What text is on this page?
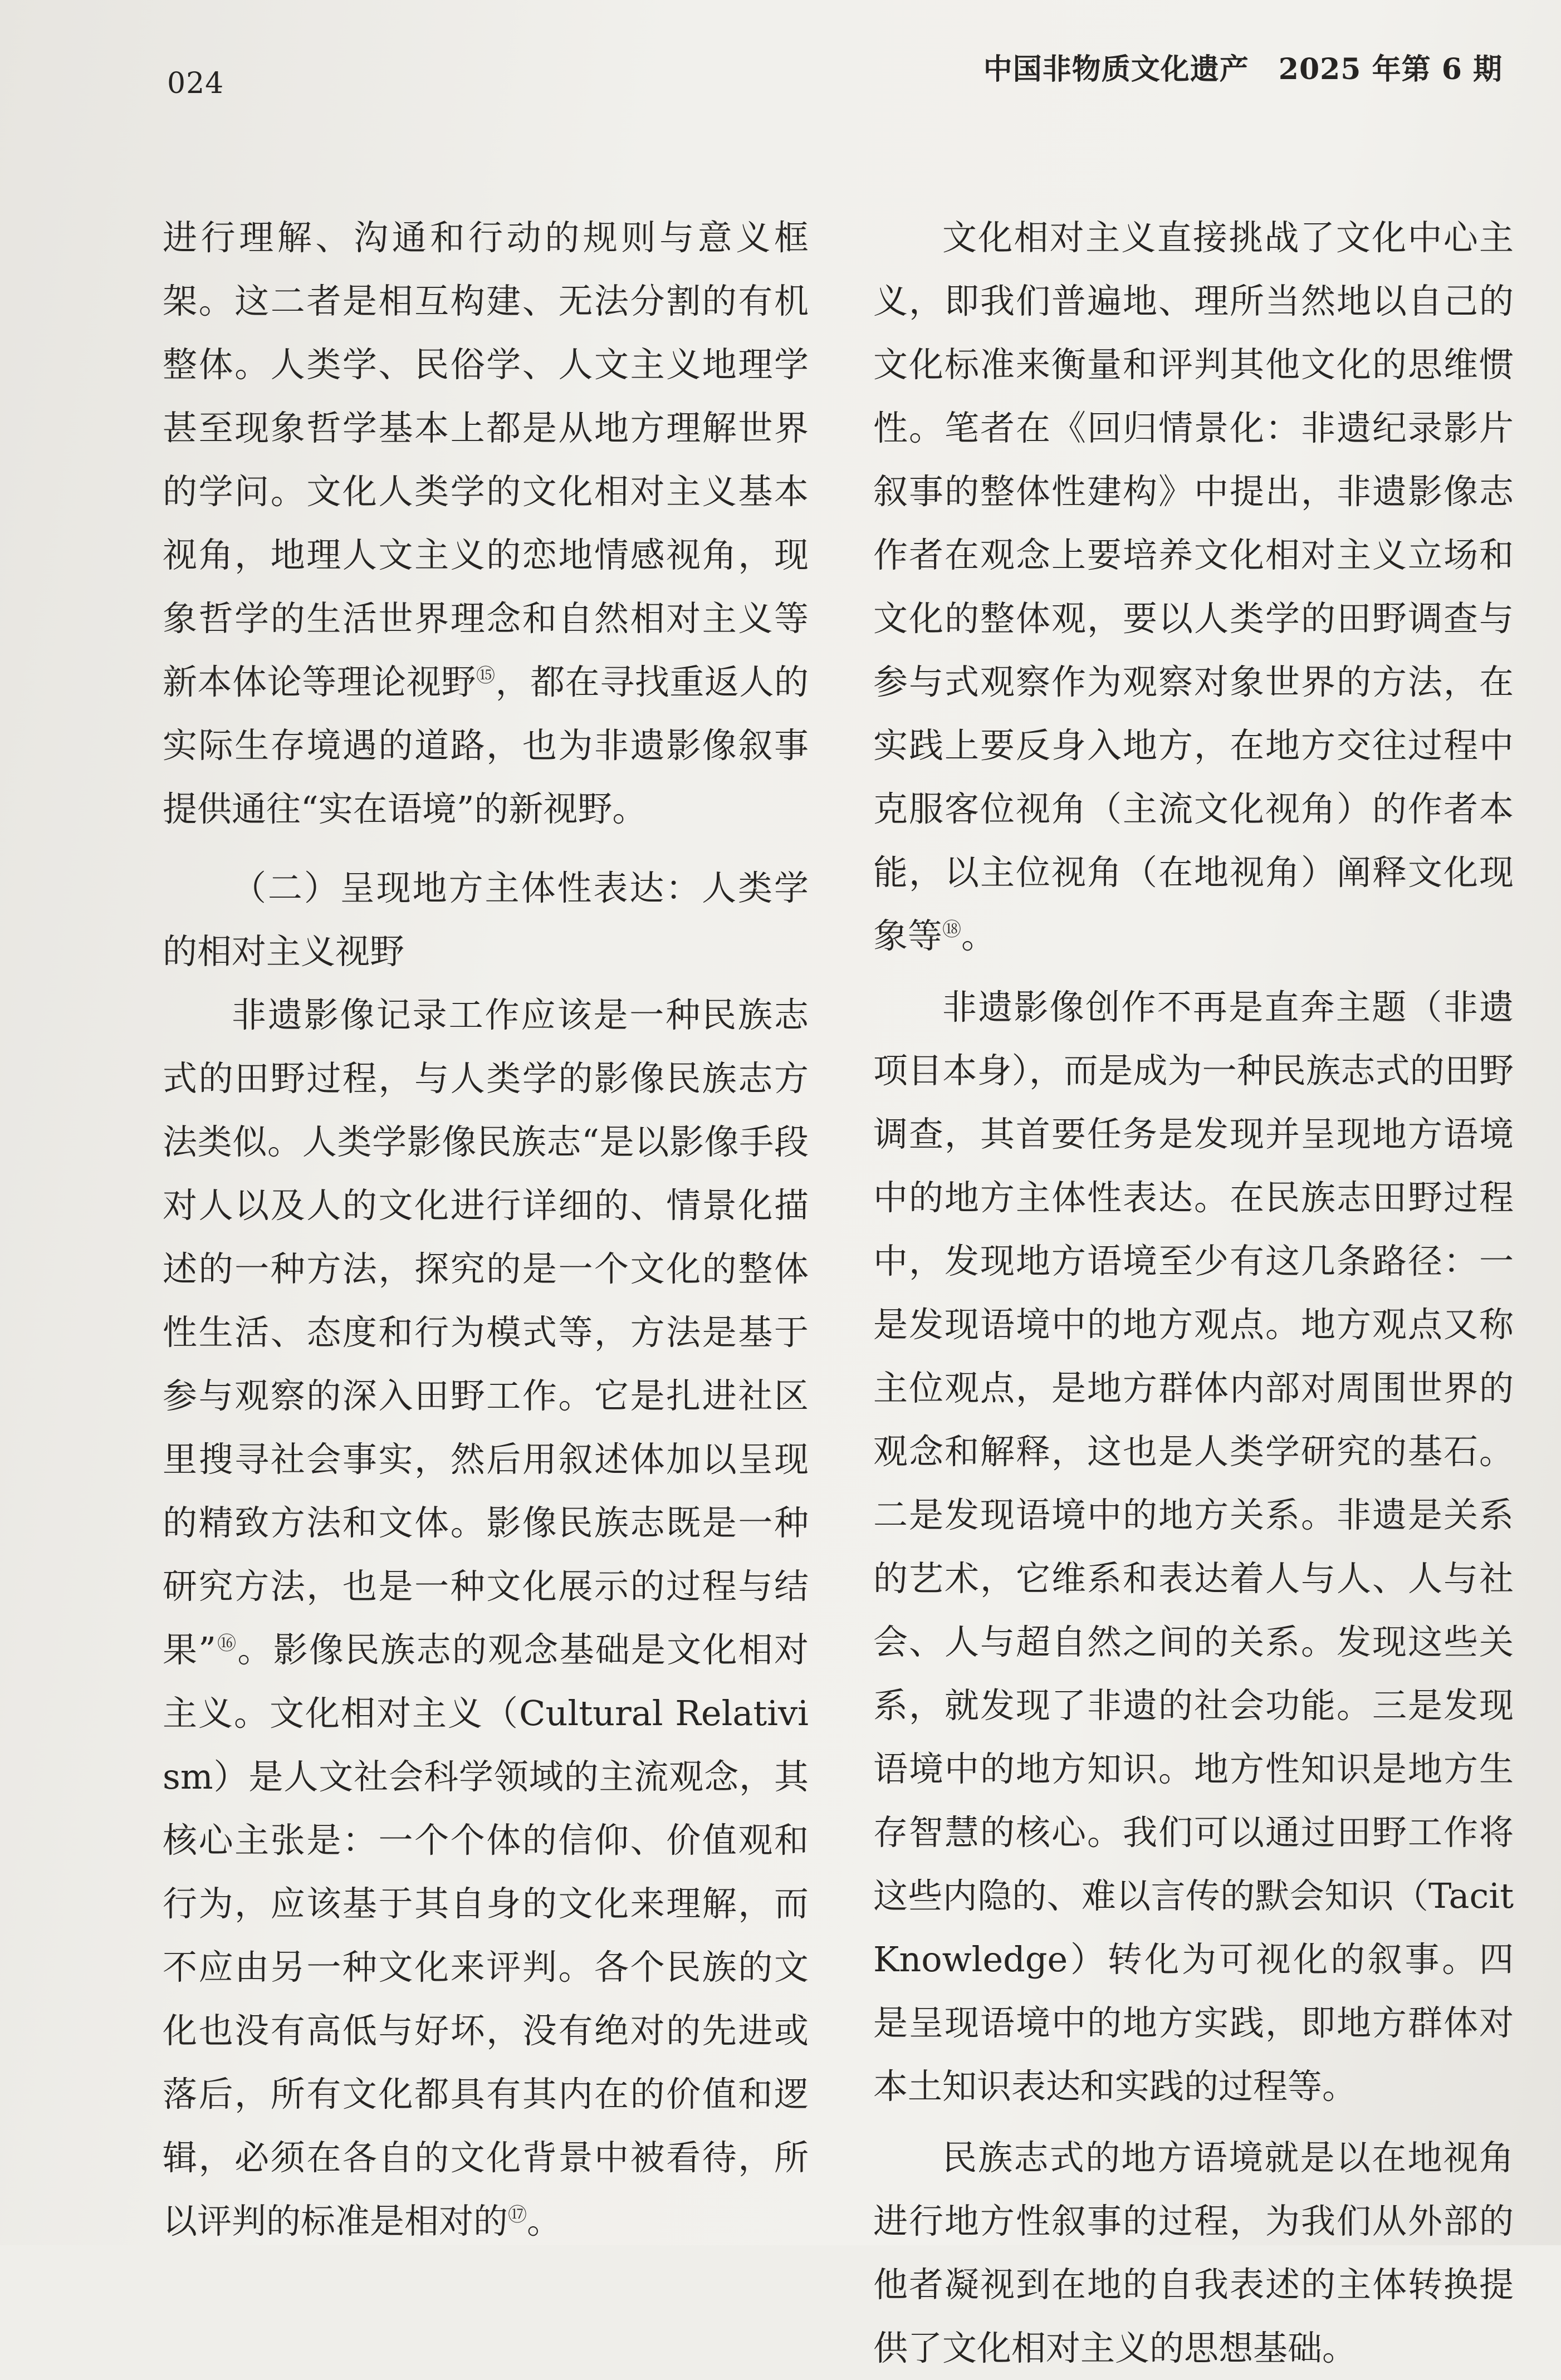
024	中国非物质文化遗产　2025 年第 6 期

进行理解、沟通和行动的规则与意义框架。这二者是相互构建、无法分割的有机整体。人类学、民俗学、人文主义地理学甚至现象哲学基本上都是从地方理解世界的学问。文化人类学的文化相对主义基本视角，地理人文主义的恋地情感视角，现象哲学的生活世界理念和自然相对主义等新本体论等理论视野⑮，都在寻找重返人的实际生存境遇的道路，也为非遗影像叙事提供通往“实在语境”的新视野。

（二）呈现地方主体性表达：人类学的相对主义视野

非遗影像记录工作应该是一种民族志式的田野过程，与人类学的影像民族志方法类似。人类学影像民族志“是以影像手段对人以及人的文化进行详细的、情景化描述的一种方法，探究的是一个文化的整体性生活、态度和行为模式等，方法是基于参与观察的深入田野工作。它是扎进社区里搜寻社会事实，然后用叙述体加以呈现的精致方法和文体。影像民族志既是一种研究方法，也是一种文化展示的过程与结果”⑯。影像民族志的观念基础是文化相对主义。文化相对主义（Cultural Relativism）是人文社会科学领域的主流观念，其核心主张是：一个个体的信仰、价值观和行为，应该基于其自身的文化来理解，而不应由另一种文化来评判。各个民族的文化也没有高低与好坏，没有绝对的先进或落后，所有文化都具有其内在的价值和逻辑，必须在各自的文化背景中被看待，所以评判的标准是相对的⑰。

文化相对主义直接挑战了文化中心主义，即我们普遍地、理所当然地以自己的文化标准来衡量和评判其他文化的思维惯性。笔者在《回归情景化：非遗纪录影片叙事的整体性建构》中提出，非遗影像志作者在观念上要培养文化相对主义立场和文化的整体观，要以人类学的田野调查与参与式观察作为观察对象世界的方法，在实践上要反身入地方，在地方交往过程中克服客位视角（主流文化视角）的作者本能，以主位视角（在地视角）阐释文化现象等⑱。

非遗影像创作不再是直奔主题（非遗项目本身），而是成为一种民族志式的田野调查，其首要任务是发现并呈现地方语境中的地方主体性表达。在民族志田野过程中，发现地方语境至少有这几条路径：一是发现语境中的地方观点。地方观点又称主位观点，是地方群体内部对周围世界的观念和解释，这也是人类学研究的基石。二是发现语境中的地方关系。非遗是关系的艺术，它维系和表达着人与人、人与社会、人与超自然之间的关系。发现这些关系，就发现了非遗的社会功能。三是发现语境中的地方知识。地方性知识是地方生存智慧的核心。我们可以通过田野工作将这些内隐的、难以言传的默会知识（Tacit Knowledge）转化为可视化的叙事。四是呈现语境中的地方实践，即地方群体对本土知识表达和实践的过程等。

民族志式的地方语境就是以在地视角进行地方性叙事的过程，为我们从外部的他者凝视到在地的自我表述的主体转换提供了文化相对主义的思想基础。
